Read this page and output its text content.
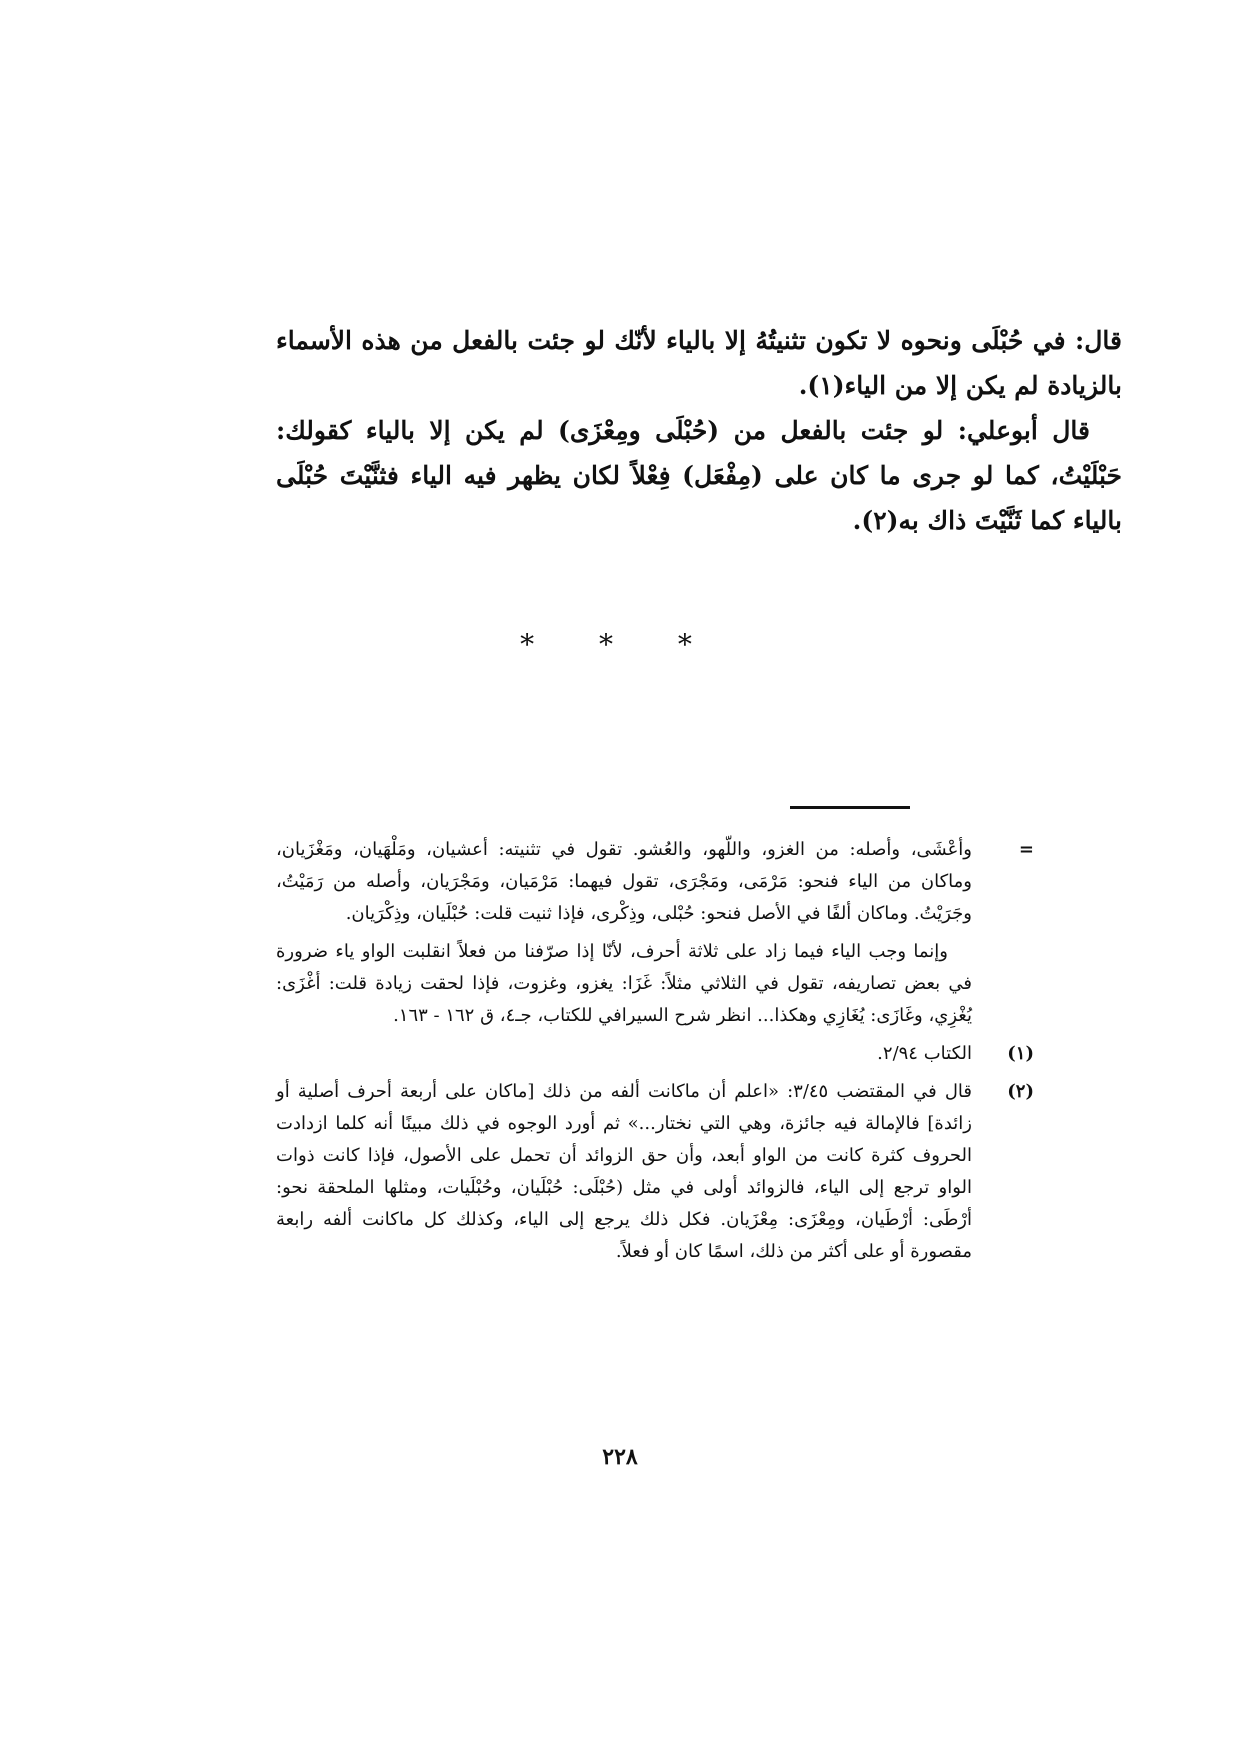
قال: في حُبْلَى ونحوه لا تكون تثنيتُهُ إلا بالياء لأنّك لو جئت بالفعل من هذه الأسماء بالزيادة لم يكن إلا من الياء(١).

قال أبوعلي: لو جئت بالفعل من (حُبْلَى ومِعْزَى) لم يكن إلا بالياء كقولك: حَبْلَيْتُ، كما لو جرى ما كان على (مِفْعَل) فِعْلاً لكان يظهر فيه الياء فثنَّيْتَ حُبْلَى بالياء كما ثَنَّيْتَ ذاك به(٢).

* * *
=
وأعْشَى، وأصله: من الغزو، واللّهو، والعُشو. تقول في تثنيته: أعشيان، ومَلْهَيان، ومَغْزَيان، وماكان من الياء فنحو: مَرْمَى، ومَجْرَى، تقول فيهما: مَرْمَيان، ومَجْرَيان، وأصله من رَمَيْتُ، وجَرَيْتُ. وماكان ألفًا في الأصل فنحو: حُبْلى، وذِكْرى، فإذا ثنيت قلت: حُبْلَيان، وذِكْرَيان.
وإنما وجب الياء فيما زاد على ثلاثة أحرف، لأنّا إذا صرّفنا من فعلاً انقلبت الواو ياء ضرورة في بعض تصاريفه، تقول في الثلاثي مثلاً: غَزَا: يغزو، وغزوت، فإذا لحقت زيادة قلت: أغْزَى: يُغْزِي، وغَازَى: يُغَازِي وهكذا... انظر شرح السيرافي للكتاب، جـ٤، ق ١٦٢ - ١٦٣.
(١)
الكتاب ٢/٩٤.
(٢)
قال في المقتضب ٣/٤٥: «اعلم أن ماكانت ألفه من ذلك [ماكان على أربعة أحرف أصلية أو زائدة] فالإمالة فيه جائزة، وهي التي نختار...» ثم أورد الوجوه في ذلك مبينًا أنه كلما ازدادت الحروف كثرة كانت من الواو أبعد، وأن حق الزوائد أن تحمل على الأصول، فإذا كانت ذوات الواو ترجع إلى الياء، فالزوائد أولى في مثل (حُبْلَى: حُبْلَيان، وحُبْلَيات، ومثلها الملحقة نحو: أرْطَى: أرْطَيان، ومِعْزَى: مِعْزَيان. فكل ذلك يرجع إلى الياء، وكذلك كل ماكانت ألفه رابعة مقصورة أو على أكثر من ذلك، اسمًا كان أو فعلاً.
٢٢٨
